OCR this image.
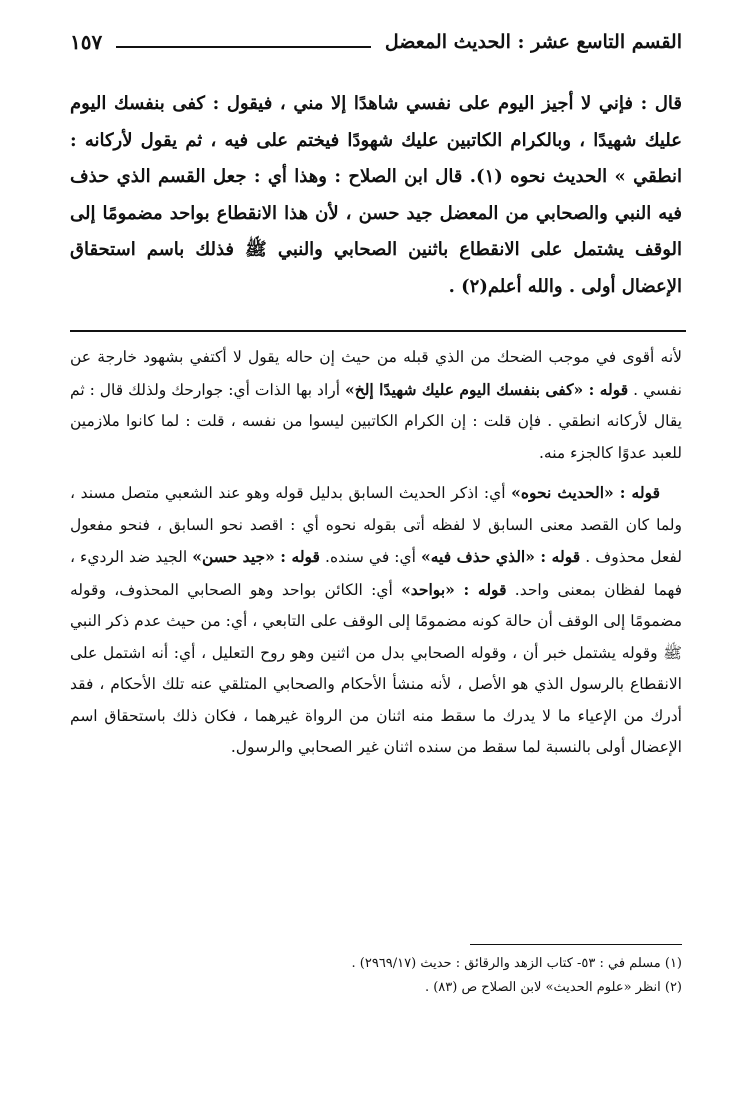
القسم التاسع عشر : الحديث المعضل
١٥٧
قال : فإني لا أجيز اليوم على نفسي شاهدًا إلا مني ، فيقول : كفى بنفسك اليوم عليك شهيدًا ، وبالكرام الكاتبين عليك شهودًا فيختم على فيه ، ثم يقول لأركانه : انطقي » الحديث نحوه (١). قال ابن الصلاح : وهذا أي : جعل القسم الذي حذف فيه النبي والصحابي من المعضل جيد حسن ، لأن هذا الانقطاع بواحد مضمومًا إلى الوقف يشتمل على الانقطاع باثنين الصحابي والنبي ﷺ فذلك باسم استحقاق الإعضال أولى . والله أعلم(٢) .

لأنه أقوى في موجب الضحك من الذي قبله من حيث إن حاله يقول لا أكتفي بشهود خارجة عن نفسي . قوله : «كفى بنفسك اليوم عليك شهيدًا إلخ» أراد بها الذات أي: جوارحك ولذلك قال : ثم يقال لأركانه انطقي . فإن قلت : إن الكرام الكاتبين ليسوا من نفسه ، قلت : لما كانوا ملازمين للعبد عدوًا كالجزء منه.

قوله : «الحديث نحوه» أي: اذكر الحديث السابق بدليل قوله وهو عند الشعبي متصل مسند ، ولما كان القصد معنى السابق لا لفظه أتى بقوله نحوه أي : اقصد نحو السابق ، فنحو مفعول لفعل محذوف . قوله : «الذي حذف فيه» أي: في سنده. قوله : «جيد حسن» الجيد ضد الرديء ، فهما لفظان بمعنى واحد. قوله : «بواحد» أي: الكائن بواحد وهو الصحابي المحذوف، وقوله مضمومًا إلى الوقف أن حالة كونه مضمومًا إلى الوقف على التابعي ، أي: من حيث عدم ذكر النبي ﷺ وقوله يشتمل خبر أن ، وقوله الصحابي بدل من اثنين وهو روح التعليل ، أي: أنه اشتمل على الانقطاع بالرسول الذي هو الأصل ، لأنه منشأ الأحكام والصحابي المتلقي عنه تلك الأحكام ، فقد أدرك من الإعياء ما لا يدرك ما سقط منه اثنان من الرواة غيرهما ، فكان ذلك باستحقاق اسم الإعضال أولى بالنسبة لما سقط من سنده اثنان غير الصحابي والرسول.

(١) مسلم في : ٥٣- كتاب الزهد والرقائق : حديث (٢٩٦٩/١٧) .
(٢) انظر «علوم الحديث» لابن الصلاح ص (٨٣) .
